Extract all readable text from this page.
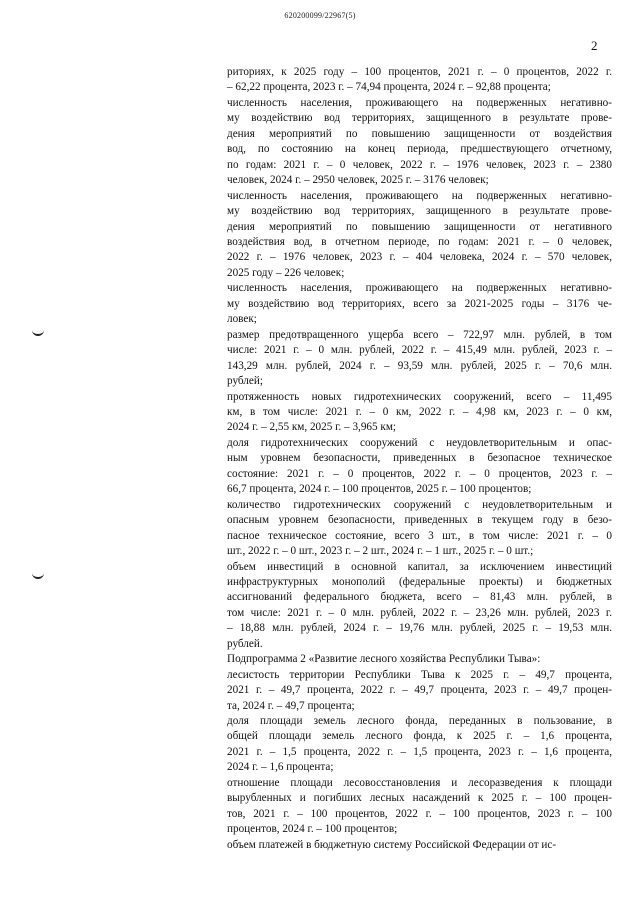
620200099/22967(5)
2
риториях, к 2025 году – 100 процентов, 2021 г. – 0 процентов, 2022 г.
– 62,22 процента, 2023 г. – 74,94 процента, 2024 г. – 92,88 процента;
численность населения, проживающего на подверженных негативно-
му воздействию вод территориях, защищенного в результате прове-
дения мероприятий по повышению защищенности от воздействия
вод, по состоянию на конец периода, предшествующего отчетному,
по годам: 2021 г. – 0 человек, 2022 г. – 1976 человек, 2023 г. – 2380
человек, 2024 г. – 2950 человек, 2025 г. – 3176 человек;
численность населения, проживающего на подверженных негативно-
му воздействию вод территориях, защищенного в результате прове-
дения мероприятий по повышению защищенности от негативного
воздействия вод, в отчетном периоде, по годам: 2021 г. – 0 человек,
2022 г. – 1976 человек, 2023 г. – 404 человека, 2024 г. – 570 человек,
2025 году – 226 человек;
численность населения, проживающего на подверженных негативно-
му воздействию вод территориях, всего за 2021-2025 годы – 3176 че-
ловек;
размер предотвращенного ущерба всего – 722,97 млн. рублей, в том
числе: 2021 г. – 0 млн. рублей, 2022 г. – 415,49 млн. рублей, 2023 г. –
143,29 млн. рублей, 2024 г. – 93,59 млн. рублей, 2025 г. – 70,6 млн.
рублей;
протяженность новых гидротехнических сооружений, всего – 11,495
км, в том числе: 2021 г. – 0 км, 2022 г. – 4,98 км, 2023 г. – 0 км,
2024 г. – 2,55 км, 2025 г. – 3,965 км;
доля гидротехнических сооружений с неудовлетворительным и опас-
ным уровнем безопасности, приведенных в безопасное техническое
состояние: 2021 г. – 0 процентов, 2022 г. – 0 процентов, 2023 г. –
66,7 процента, 2024 г. – 100 процентов, 2025 г. – 100 процентов;
количество гидротехнических сооружений с неудовлетворительным и
опасным уровнем безопасности, приведенных в текущем году в безо-
пасное техническое состояние, всего 3 шт., в том числе: 2021 г. – 0
шт., 2022 г. – 0 шт., 2023 г. – 2 шт., 2024 г. – 1 шт., 2025 г. – 0 шт.;
объем инвестиций в основной капитал, за исключением инвестиций
инфраструктурных монополий (федеральные проекты) и бюджетных
ассигнований федерального бюджета, всего – 81,43 млн. рублей, в
том числе: 2021 г. – 0 млн. рублей, 2022 г. – 23,26 млн. рублей, 2023 г.
– 18,88 млн. рублей, 2024 г. – 19,76 млн. рублей, 2025 г. – 19,53 млн.
рублей.
Подпрограмма 2 «Развитие лесного хозяйства Республики Тыва»:
лесистость территории Республики Тыва к 2025 г. – 49,7 процента,
2021 г. – 49,7 процента, 2022 г. – 49,7 процента, 2023 г. – 49,7 процен-
та, 2024 г. – 49,7 процента;
доля площади земель лесного фонда, переданных в пользование, в
общей площади земель лесного фонда, к 2025 г. – 1,6 процента,
2021 г. – 1,5 процента, 2022 г. – 1,5 процента, 2023 г. – 1,6 процента,
2024 г. – 1,6 процента;
отношение площади лесовосстановления и лесоразведения к площади
вырубленных и погибших лесных насаждений к 2025 г. – 100 процен-
тов, 2021 г. – 100 процентов, 2022 г. – 100 процентов, 2023 г. – 100
процентов, 2024 г. – 100 процентов;
объем платежей в бюджетную систему Российской Федерации от ис-
